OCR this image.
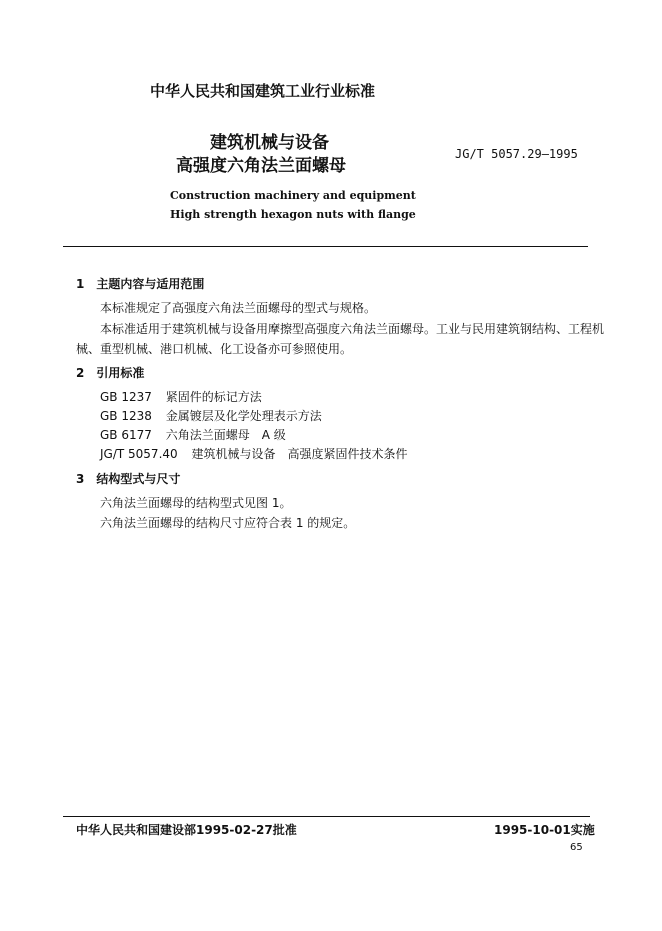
中华人民共和国建筑工业行业标准
建筑机械与设备
高强度六角法兰面螺母
JG/T 5057.29—1995
Construction machinery and equipment
High strength hexagon nuts with flange
1　主题内容与适用范围
本标准规定了高强度六角法兰面螺母的型式与规格。
本标准适用于建筑机械与设备用摩擦型高强度六角法兰面螺母。工业与民用建筑钢结构、工程机
械、重型机械、港口机械、化工设备亦可参照使用。
2　引用标准
GB 1237 紧固件的标记方法
GB 1238 金属镀层及化学处理表示方法
GB 6177 六角法兰面螺母　A 级
JG/T 5057.40 建筑机械与设备　高强度紧固件技术条件
3　结构型式与尺寸
六角法兰面螺母的结构型式见图 1。
六角法兰面螺母的结构尺寸应符合表 1 的规定。
中华人民共和国建设部1995-02-27批准	1995-10-01实施
65
